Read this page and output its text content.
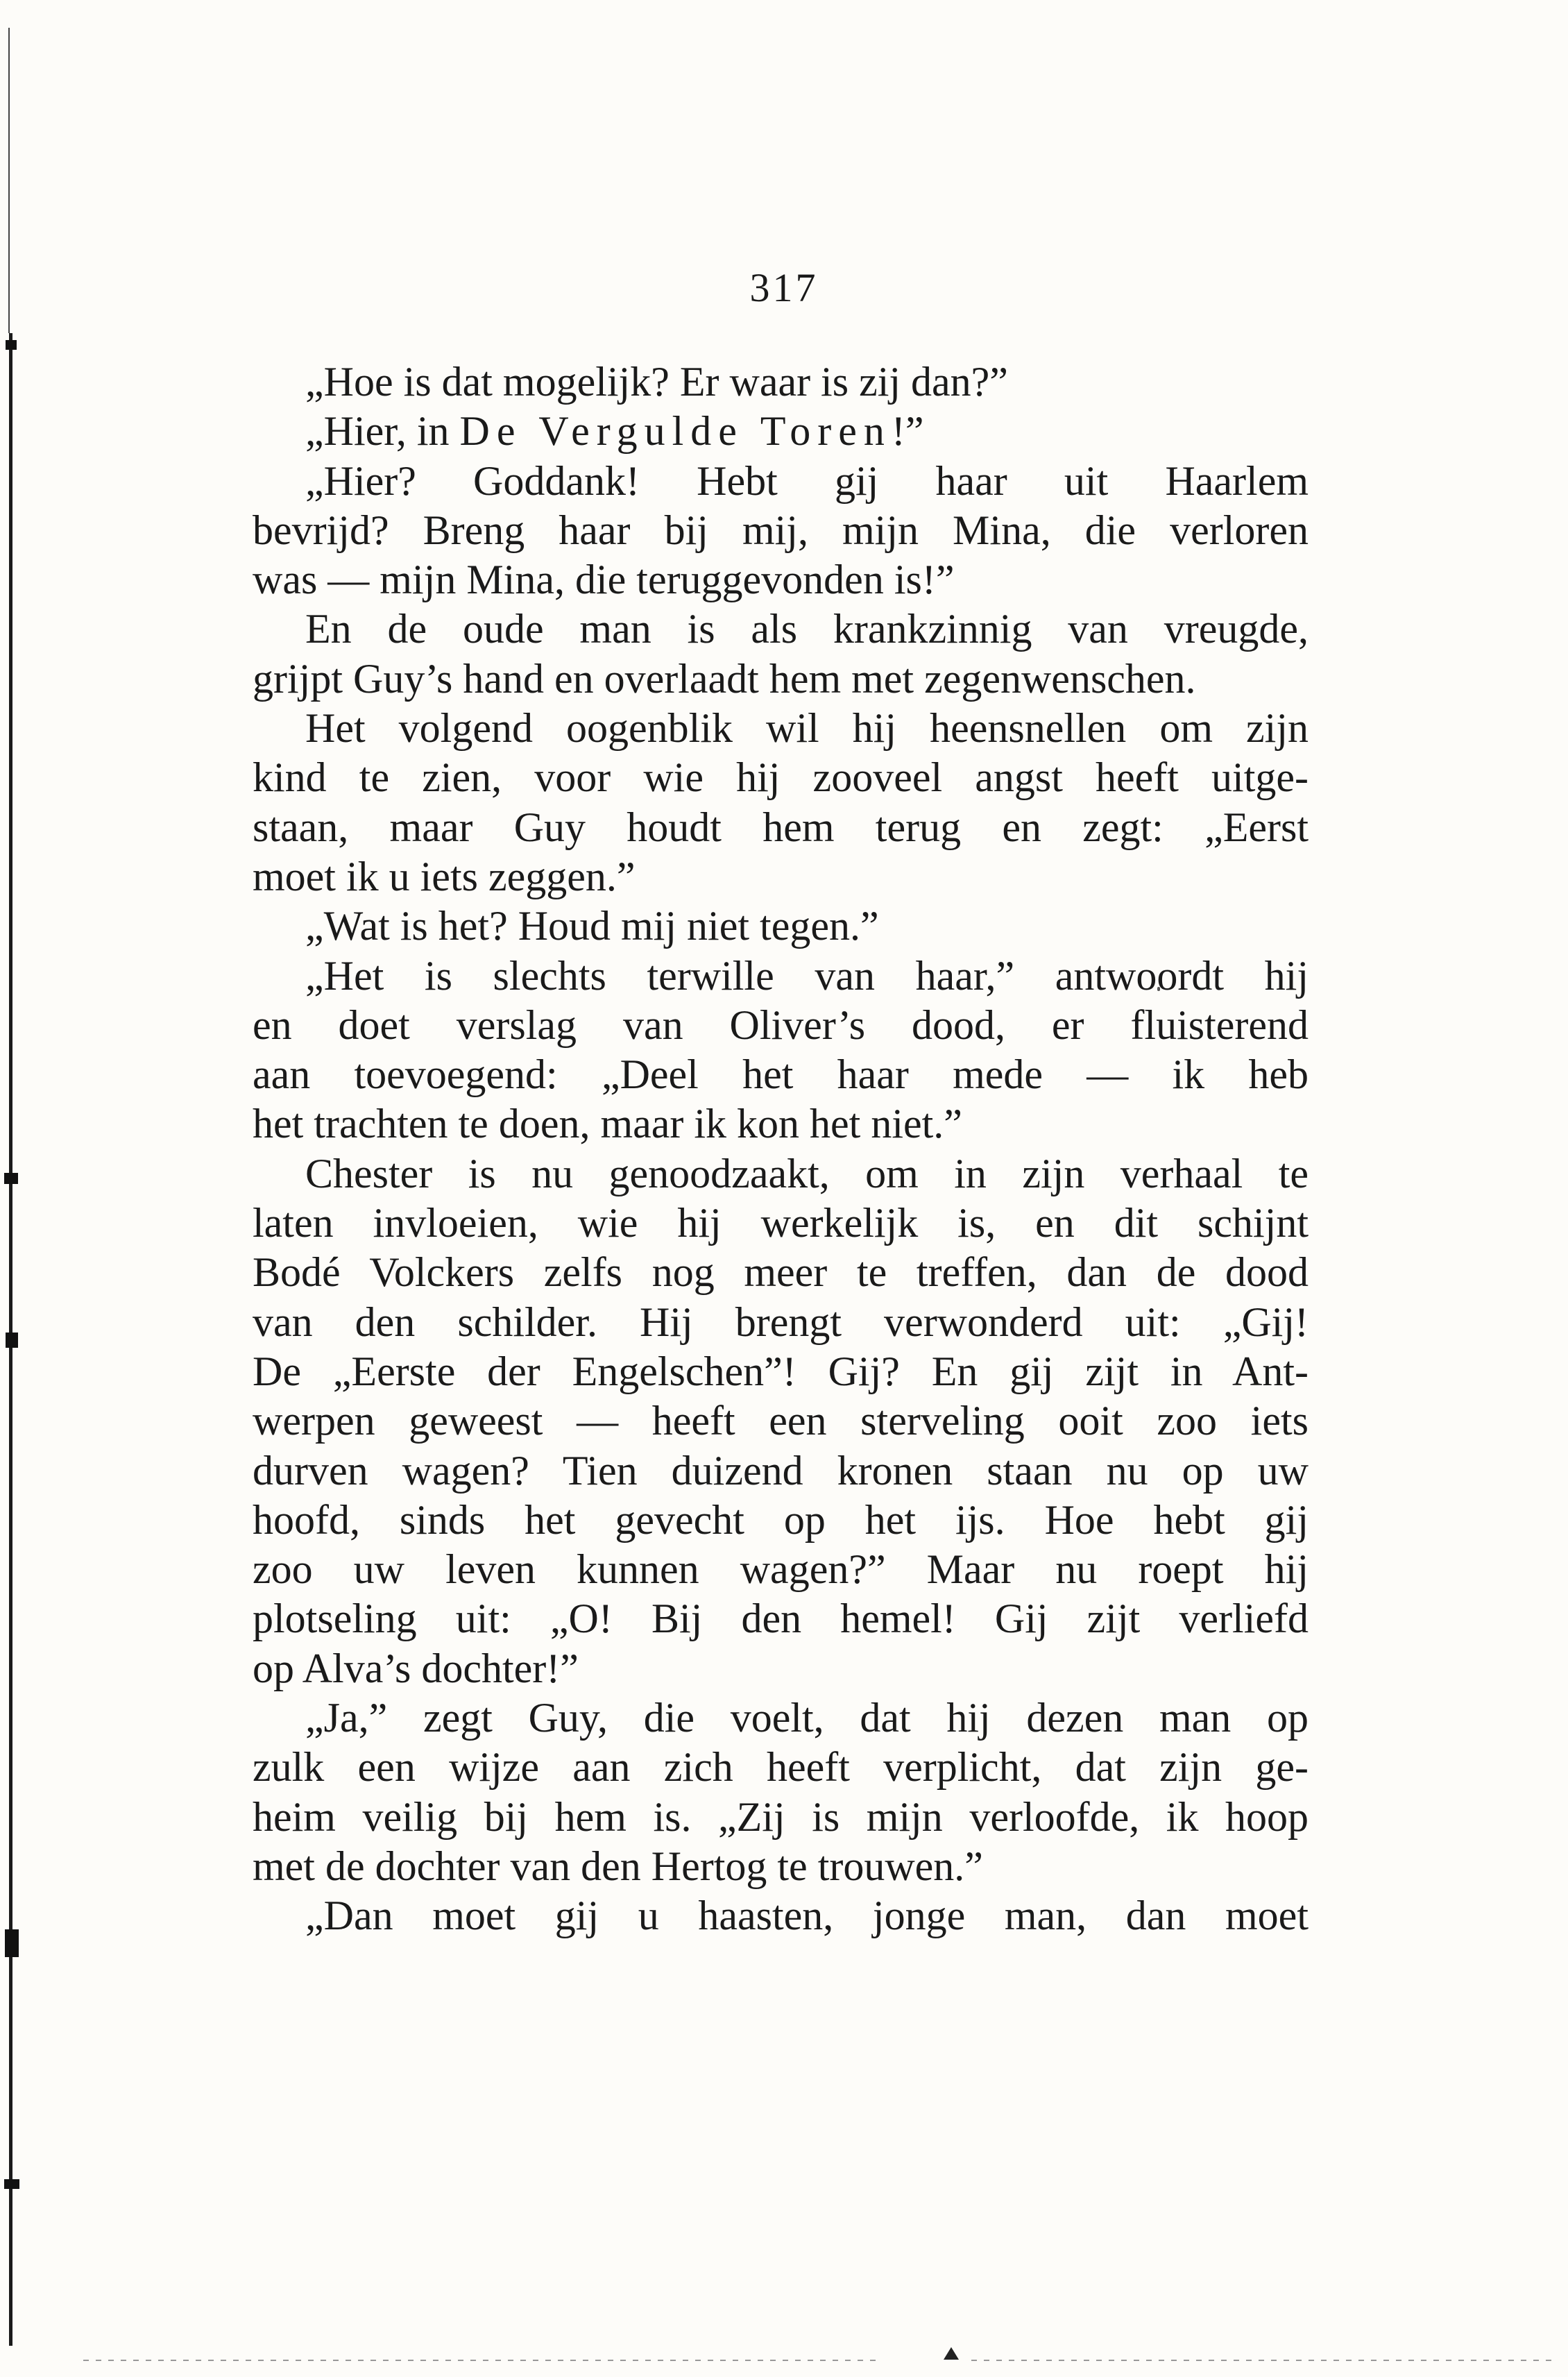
317
„Hoe is dat mogelijk? Er waar is zij dan?”
„Hier, in De Vergulde Toren!”
„Hier? Goddank! Hebt gij haar uit Haarlem
bevrijd? Breng haar bij mij, mijn Mina, die verloren
was — mijn Mina, die teruggevonden is!”
En de oude man is als krankzinnig van vreugde,
grijpt Guy’s hand en overlaadt hem met zegenwenschen.
Het volgend oogenblik wil hij heensnellen om zijn
kind te zien, voor wie hij zooveel angst heeft uitge-
staan, maar Guy houdt hem terug en zegt: „Eerst
moet ik u iets zeggen.”
„Wat is het? Houd mij niet tegen.”
„Het is slechts terwille van haar,” antwoordt hij
en doet verslag van Oliver’s dood, er fluisterend
aan toevoegend: „Deel het haar mede — ik heb
het trachten te doen, maar ik kon het niet.”
Chester is nu genoodzaakt, om in zijn verhaal te
laten invloeien, wie hij werkelijk is, en dit schijnt
Bodé Volckers zelfs nog meer te treffen, dan de dood
van den schilder. Hij brengt verwonderd uit: „Gij!
De „Eerste der Engelschen”! Gij? En gij zijt in Ant-
werpen geweest — heeft een sterveling ooit zoo iets
durven wagen? Tien duizend kronen staan nu op uw
hoofd, sinds het gevecht op het ijs. Hoe hebt gij
zoo uw leven kunnen wagen?” Maar nu roept hij
plotseling uit: „O! Bij den hemel! Gij zijt verliefd
op Alva’s dochter!”
„Ja,” zegt Guy, die voelt, dat hij dezen man op
zulk een wijze aan zich heeft verplicht, dat zijn ge-
heim veilig bij hem is. „Zij is mijn verloofde, ik hoop
met de dochter van den Hertog te trouwen.”
„Dan moet gij u haasten, jonge man, dan moet
